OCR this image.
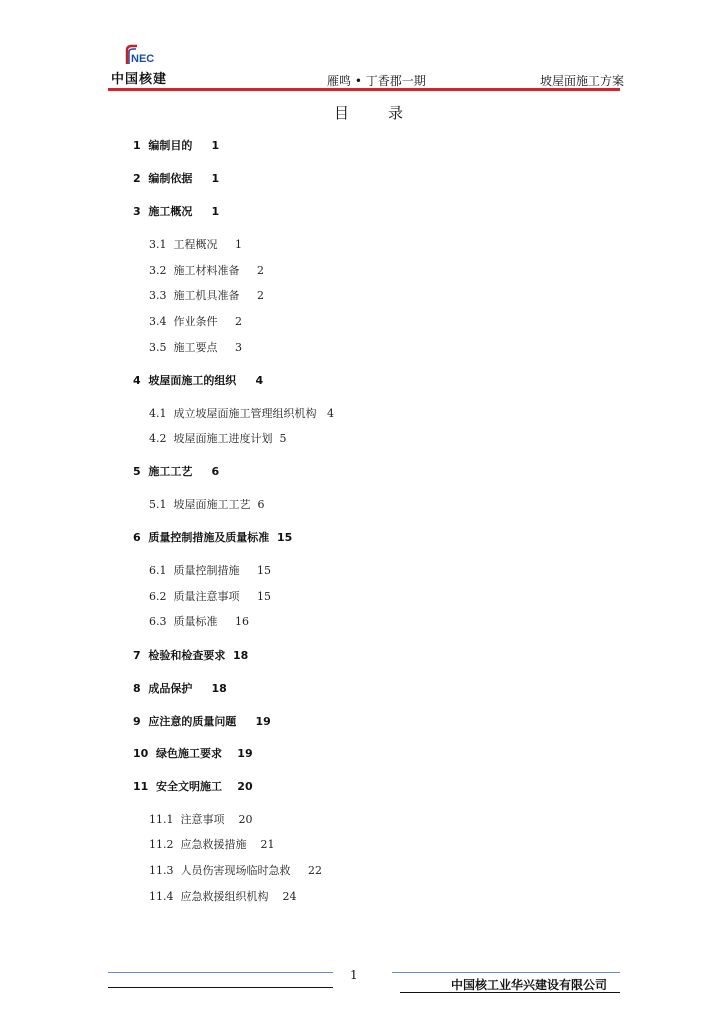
NEC
中国核建	雁鸣 • 丁香郡一期	坡屋面施工方案
目	录
1  编制目的 1
2  编制依据 1
3  施工概况 1
3.1  工程概况 1
3.2  施工材料准备 2
3.3  施工机具准备 2
3.4  作业条件 2
3.5  施工要点 3
4  坡屋面施工的组织 4
4.1  成立坡屋面施工管理组织机构 4
4.2  坡屋面施工进度计划 5
5  施工工艺 6
5.1  坡屋面施工工艺 6
6  质量控制措施及质量标准 15
6.1  质量控制措施 15
6.2  质量注意事项 15
6.3  质量标准 16
7  检验和检查要求 18
8  成品保护 18
9  应注意的质量问题 19
10  绿色施工要求 19
11  安全文明施工 20
11.1  注意事项 20
11.2  应急救援措施 21
11.3  人员伤害现场临时急救 22
11.4  应急救援组织机构 24
1
中国核工业华兴建设有限公司
